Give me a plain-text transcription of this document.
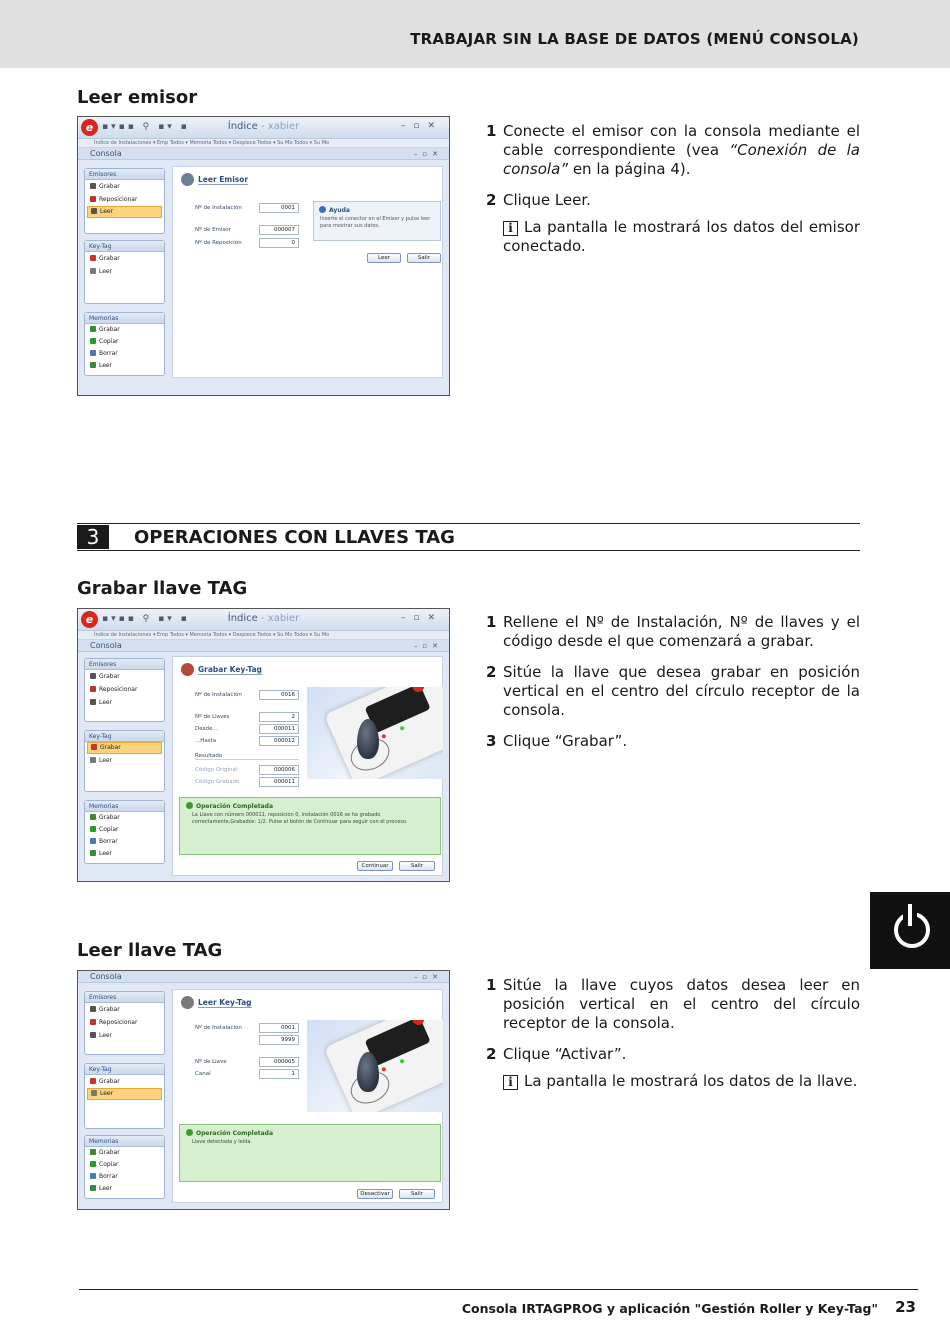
TRABAJAR SIN LA BASE DE DATOS (MENÚ CONSOLA)
Leer emisor
e ▪▾▪▪ ⚲ ▪▾ ▪	Índice - xabier	–▫✕
Índice de Instalaciones ▾ Emp Todos ▾ Memoria Todos ▾ Despiece Todos ▾ Su Mo Todos ▾ Su Mo
Consola	–▫✕
Emisores
Grabar
Reposicionar
Leer
Key-Tag
Grabar
Leer
Memorias
Grabar
Copiar
Borrar
Leer
Leer Emisor
Nº de Instalación	0001
Nº de Emisor	000007
Nº de Reposición	0
Ayuda
Inserte el conector en el Emisor y pulse leer para mostrar sus datos.
Leer	Salir
1 Conecte el emisor con la consola mediante el cable correspondiente (vea “Conexión de la consola” en la página 4).
2 Clique Leer.
i La pantalla le mostrará los datos del emisor conectado.
3	OPERACIONES CON LLAVES TAG
Grabar llave TAG
e ▪▾▪▪ ⚲ ▪▾ ▪	Índice - xabier	–▫✕
Índice de Instalaciones ▾ Emp Todos ▾ Memoria Todos ▾ Despiece Todos ▾ Su Mo Todos ▾ Su Mo
Consola	–▫✕
Emisores
Grabar
Reposicionar
Leer
Key-Tag
Grabar
Leer
Memorias
Grabar
Copiar
Borrar
Leer
Grabar Key-Tag
Nº de Instalación	0016
Nº de Llaves	2
Desde...	000011
...Hasta	000012
Resultado
Código Original	000006
Código Grabado	000011
Operación Completada
La Llave con número 000011, reposición 0, instalación 0016 se ha grabado correctamente.Grabados: 1/2. Pulse el botón de Continuar para seguir con el proceso.
Continuar	Salir
1 Rellene el Nº de Instalación, Nº de llaves y el código desde el que comenzará a grabar.
2 Sitúe la llave que desea grabar en posición vertical en el centro del círculo receptor de la consola.
3 Clique “Grabar”.
Leer llave TAG
Consola	–▫✕
Emisores
Grabar
Reposicionar
Leer
Key-Tag
Grabar
Leer
Memorias
Grabar
Copiar
Borrar
Leer
Leer Key-Tag
Nº de Instalación	0001
9999
Nº de Llave	000005
Canal	1
Operación Completada
Llave detectada y leída.
Desactivar	Salir
1 Sitúe la llave cuyos datos desea leer en posición vertical en el centro del círculo receptor de la consola.
2 Clique “Activar”.
i La pantalla le mostrará los datos de la llave.
Consola IRTAGPROG y aplicación "Gestión Roller y Key-Tag" 23
